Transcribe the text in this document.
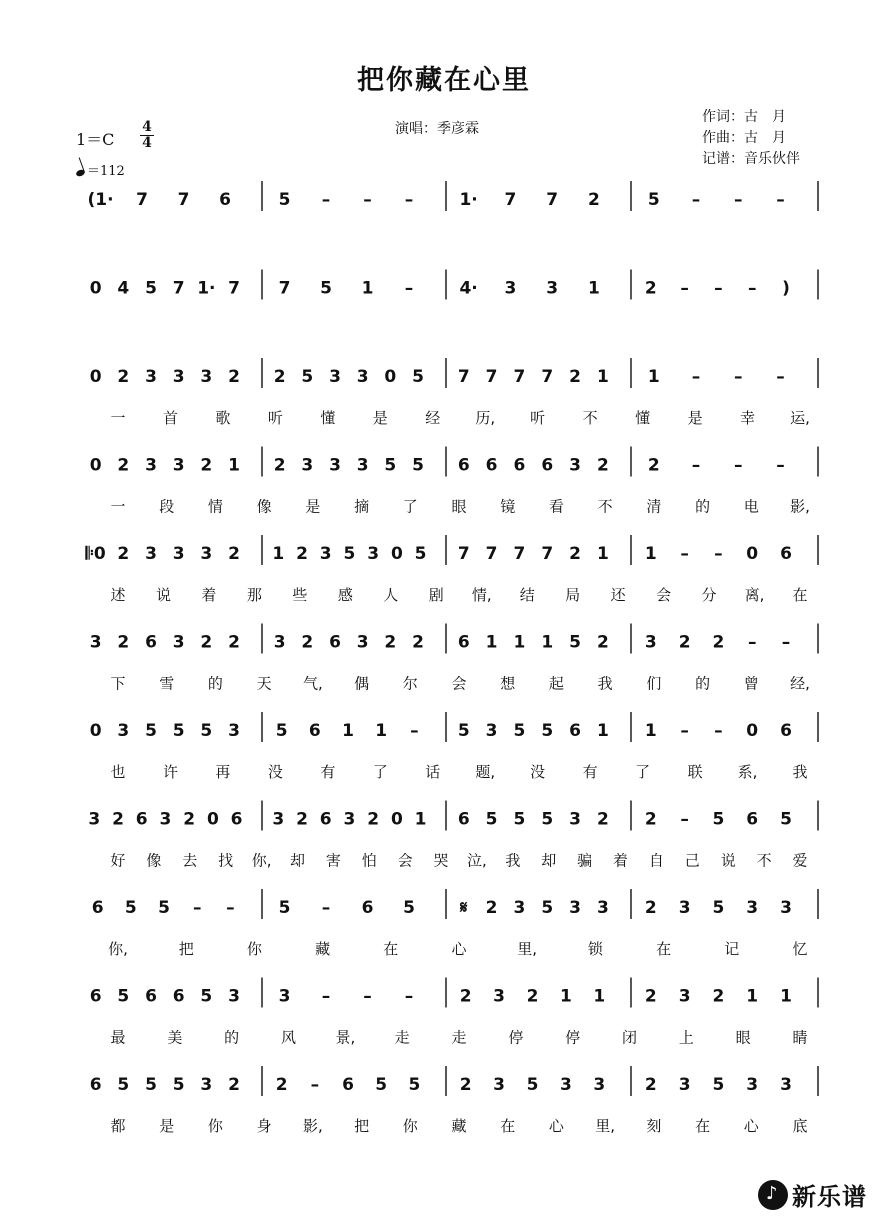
把你藏在心里
演唱：季彦霖
作词：古　月
作曲：古　月
记谱：音乐伙伴
1＝C
4
4
＝112
(1· 7 7 6	5 – – –	1· 7 7 2	5 – – –
0 4 5 7 1· 7 7 5 1 –	4· 3 3 1	2 – – – )
0 2 3 3 3 2 2 5 3 3 0 5 7 7 7 7 2 1 1 – – –
一 首 歌 听 懂 是 经 历, 听 不 懂 是 幸 运,
0 2 3 3 2 1 2 3 3 3 5 5 6 6 6 6 3 2 2 – – –
一 段 情 像 是 摘 了 眼 镜 看 不 清 的 电 影,
𝄆0 2 3 3 3 2 1 2 3 5 3 0 5 7 7 7 7 2 1 1 – – 0 6
述 说 着 那 些 感 人 剧 情, 结 局 还 会 分 离, 在
3 2 6 3 2 2 3 2 6 3 2 2 6 1 1 1 5 2 3 2 2 – –
下 雪 的 天 气, 偶 尔 会 想 起 我 们 的 曾 经,
0 3 5 5 5 3 5 6 1 1 – 5 3 5 5 6 1 1 – – 0 6
也 许 再 没 有 了 话 题, 没 有 了 联 系, 我
3 2 6 3 2 0 6 3 2 6 3 2 0 1 6 5 5 5 3 2 2 – 5 6 5
好 像 去 找 你, 却 害 怕 会 哭 泣, 我 却 骗 着 自 己 说 不 爱
6 5 5 – –	5 – 6 5	𝄋 2 3 5 3 3 2 3 5 3 3
你,	把	你	藏	在	心	里,	锁	在	记	忆
6 5 6 6 5 3 3 – – –	2 3 2 1 1 2 3 2 1 1
最	美	的	风	景,	走	走	停	停	闭	上	眼	睛
6 5 5 5 3 2 2 – 6 5 5 2 3 5 3 3 2 3 5 3 3
都 是 你 身 影, 把 你 藏 在 心 里, 刻 在 心 底
♪
新乐谱
